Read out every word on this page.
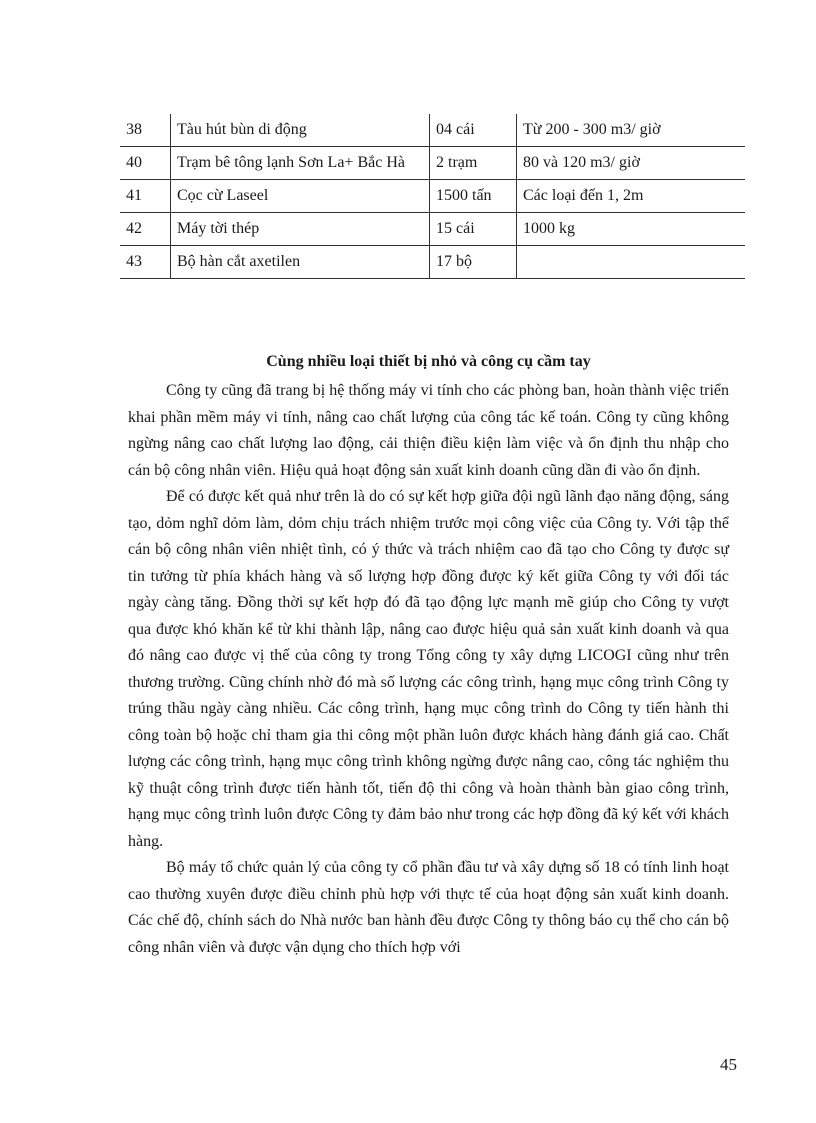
38	Tàu hút bùn di động	04 cái	Từ 200 - 300 m3/ giờ
40	Trạm bê tông lạnh Sơn La+ Bắc Hà	2 trạm	80 và 120 m3/ giờ
41	Cọc cừ Laseel	1500 tấn	Các loại đến 1, 2m
42	Máy tời thép	15 cái	1000 kg
43	Bộ hàn cắt axetilen	17 bộ	
Cùng nhiều loại thiết bị nhỏ và công cụ cầm tay

Công ty cũng đã trang bị hệ thống máy vi tính cho các phòng ban, hoàn thành việc triển khai phần mềm máy vi tính, nâng cao chất lượng của công tác kế toán. Công ty cũng không ngừng nâng cao chất lượng lao động, cải thiện điều kiện làm việc và ổn định thu nhập cho cán bộ công nhân viên. Hiệu quả hoạt động sản xuất kinh doanh cũng dần đi vào ổn định.

Để có được kết quả như trên là do có sự kết hợp giữa đội ngũ lãnh đạo năng động, sáng tạo, dỏm nghĩ dỏm làm, dỏm chịu trách nhiệm trước mọi công việc của Công ty. Với tập thể cán bộ công nhân viên nhiệt tình, có ý thức và trách nhiệm cao đã tạo cho Công ty được sự tin tưởng từ phía khách hàng và số lượng hợp đồng được ký kết giữa Công ty với đối tác ngày càng tăng. Đồng thời sự kết hợp đó đã tạo động lực mạnh mẽ giúp cho Công ty vượt qua được khó khăn kể từ khi thành lập, nâng cao được hiệu quả sản xuất kinh doanh và qua đó nâng cao được vị thế của công ty trong Tổng công ty xây dựng LICOGI cũng như trên thương trường. Cũng chính nhờ đó mà số lượng các công trình, hạng mục công trình Công ty trúng thầu ngày càng nhiều. Các công trình, hạng mục công trình do Công ty tiến hành thi công toàn bộ hoặc chỉ tham gia thi công một phần luôn được khách hàng đánh giá cao. Chất lượng các công trình, hạng mục công trình không ngừng được nâng cao, công tác nghiệm thu kỹ thuật công trình được tiến hành tốt, tiến độ thi công và hoàn thành bàn giao công trình, hạng mục công trình luôn được Công ty đảm bảo như trong các hợp đồng đã ký kết với khách hàng.

Bộ máy tổ chức quản lý của công ty cổ phần đầu tư và xây dựng số 18 có tính linh hoạt cao thường xuyên được điều chỉnh phù hợp với thực tế của hoạt động sản xuất kinh doanh. Các chế độ, chính sách do Nhà nước ban hành đều được Công ty thông báo cụ thể cho cán bộ công nhân viên và được vận dụng cho thích hợp với

45
